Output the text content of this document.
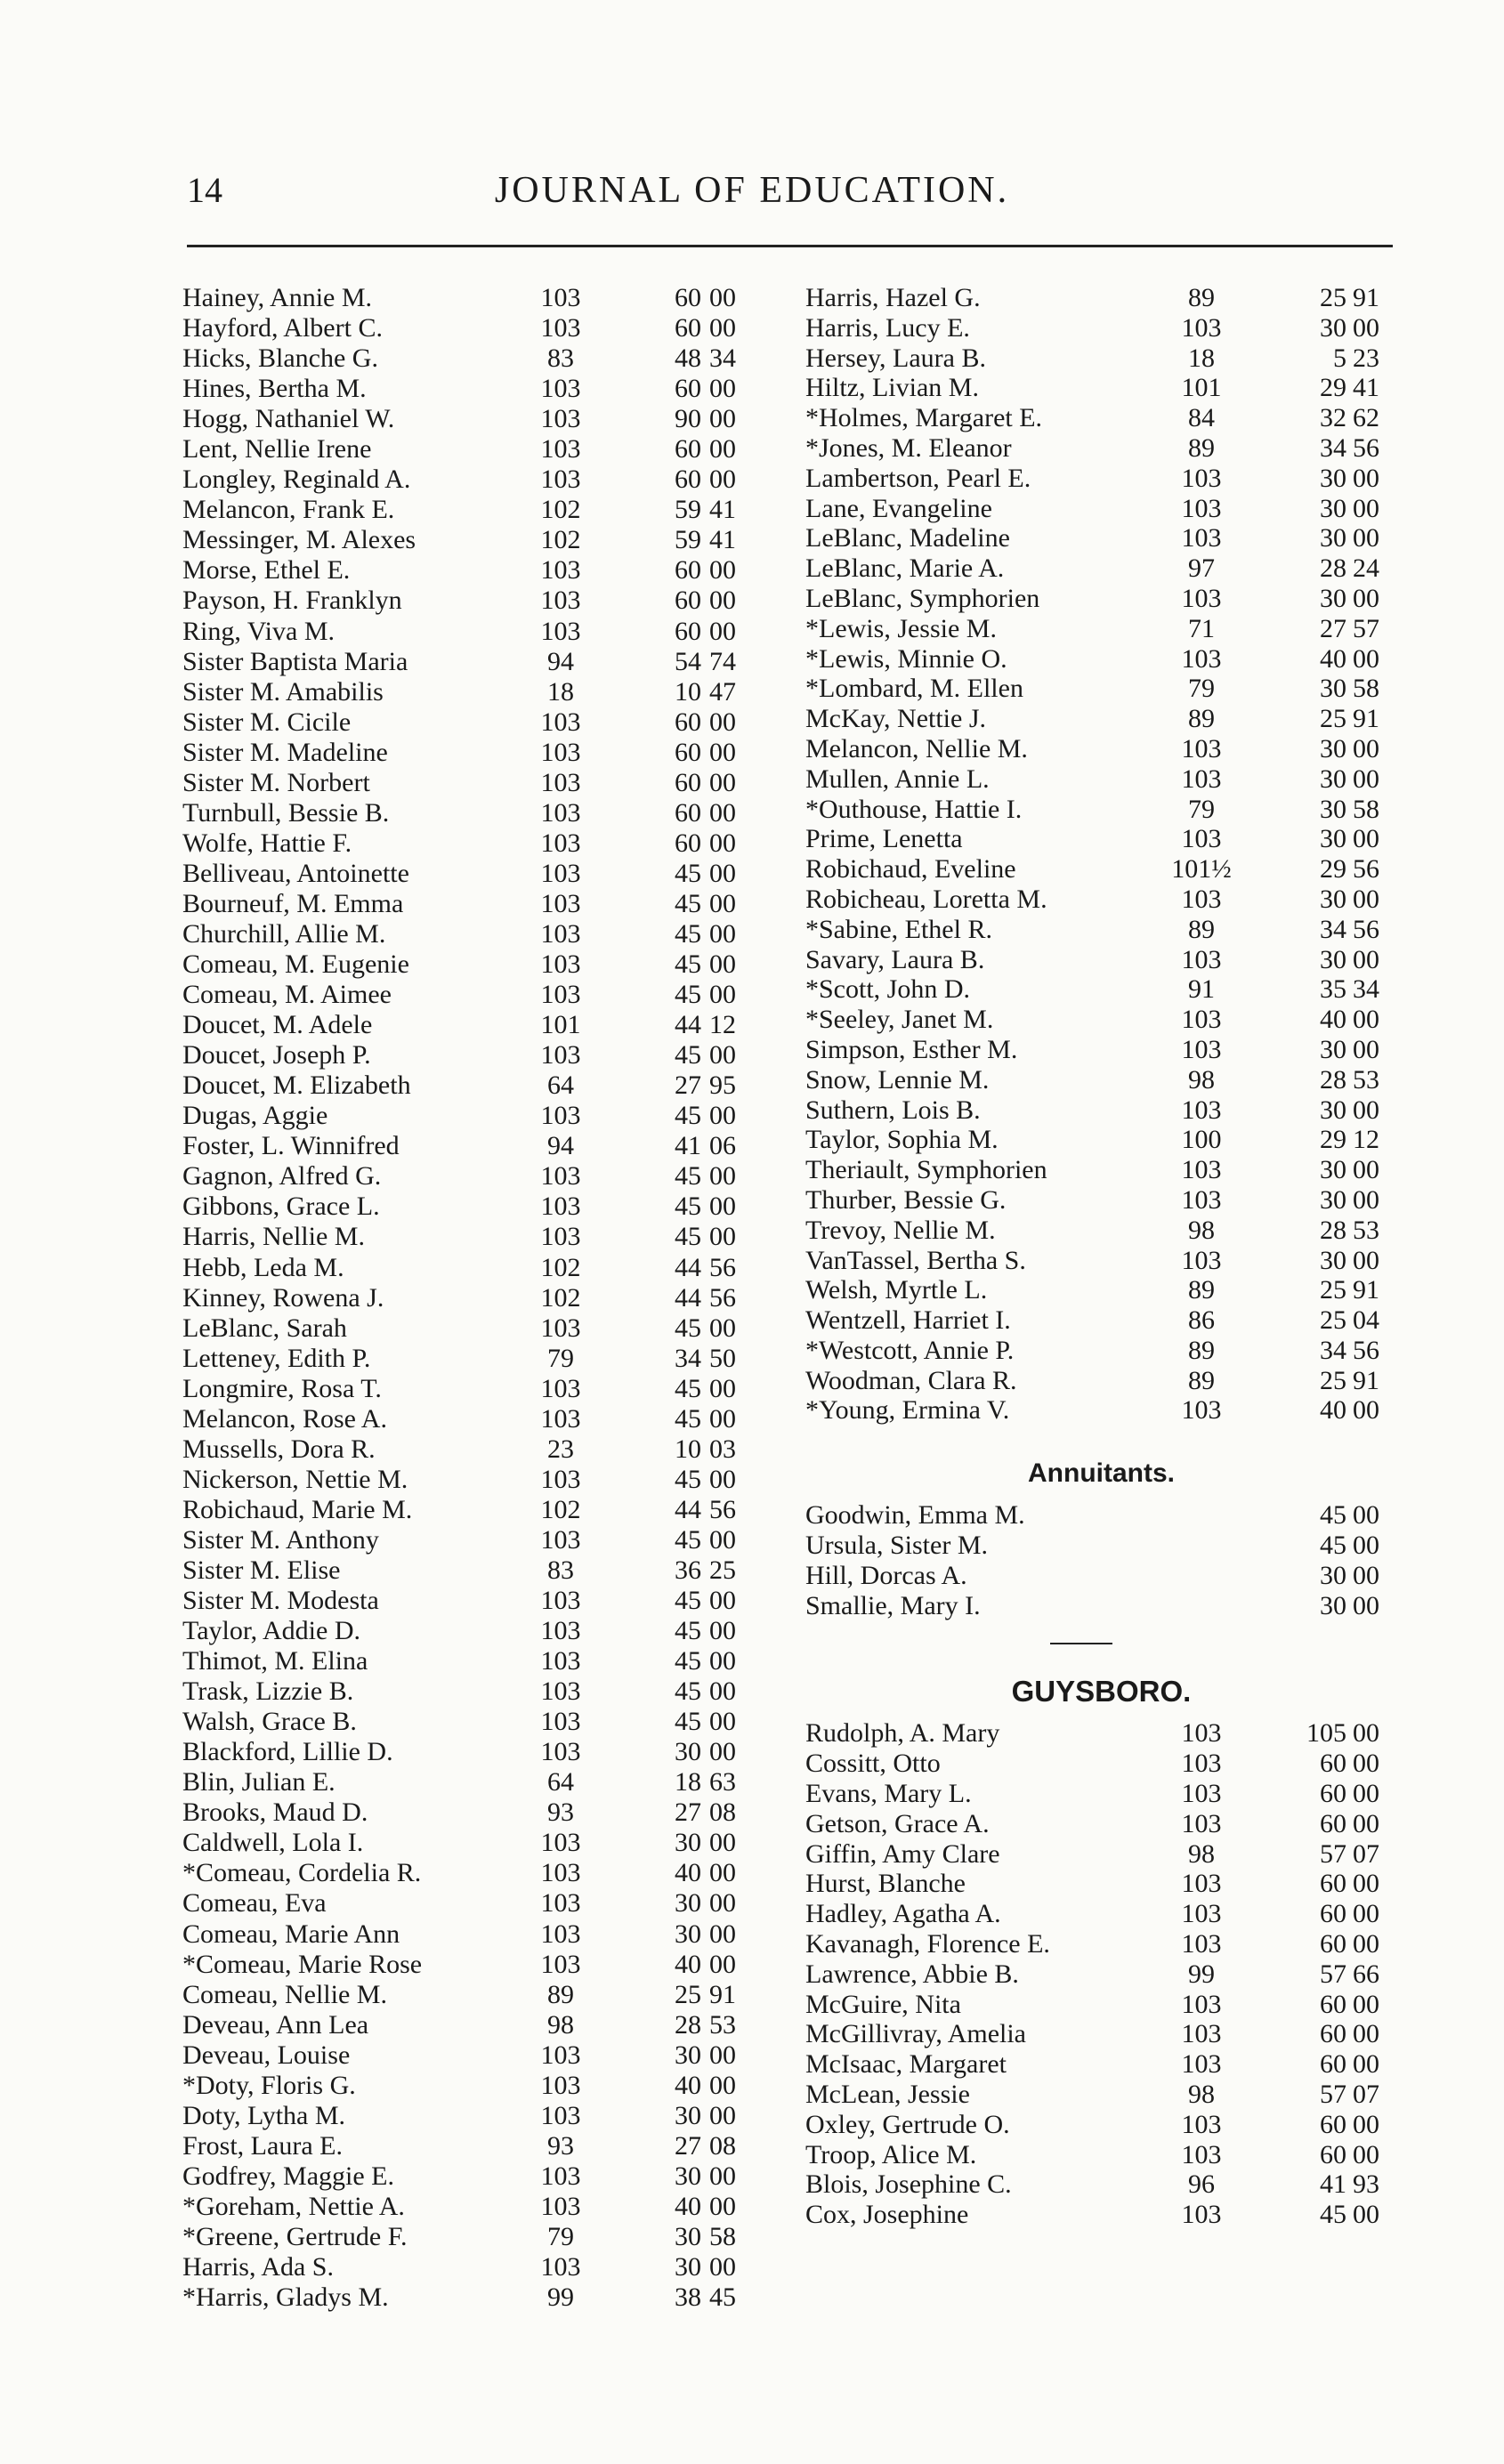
14	JOURNAL OF EDUCATION.
Hainey, Annie M.	103	60 00
Hayford, Albert C.	103	60 00
Hicks, Blanche G.	83	48 34
Hines, Bertha M.	103	60 00
Hogg, Nathaniel W.	103	90 00
Lent, Nellie Irene	103	60 00
Longley, Reginald A.	103	60 00
Melancon, Frank E.	102	59 41
Messinger, M. Alexes	102	59 41
Morse, Ethel E.	103	60 00
Payson, H. Franklyn	103	60 00
Ring, Viva M.	103	60 00
Sister Baptista Maria	94	54 74
Sister M. Amabilis	18	10 47
Sister M. Cicile	103	60 00
Sister M. Madeline	103	60 00
Sister M. Norbert	103	60 00
Turnbull, Bessie B.	103	60 00
Wolfe, Hattie F.	103	60 00
Belliveau, Antoinette	103	45 00
Bourneuf, M. Emma	103	45 00
Churchill, Allie M.	103	45 00
Comeau, M. Eugenie	103	45 00
Comeau, M. Aimee	103	45 00
Doucet, M. Adele	101	44 12
Doucet, Joseph P.	103	45 00
Doucet, M. Elizabeth	64	27 95
Dugas, Aggie	103	45 00
Foster, L. Winnifred	94	41 06
Gagnon, Alfred G.	103	45 00
Gibbons, Grace L.	103	45 00
Harris, Nellie M.	103	45 00
Hebb, Leda M.	102	44 56
Kinney, Rowena J.	102	44 56
LeBlanc, Sarah	103	45 00
Letteney, Edith P.	79	34 50
Longmire, Rosa T.	103	45 00
Melancon, Rose A.	103	45 00
Mussells, Dora R.	23	10 03
Nickerson, Nettie M.	103	45 00
Robichaud, Marie M.	102	44 56
Sister M. Anthony	103	45 00
Sister M. Elise	83	36 25
Sister M. Modesta	103	45 00
Taylor, Addie D.	103	45 00
Thimot, M. Elina	103	45 00
Trask, Lizzie B.	103	45 00
Walsh, Grace B.	103	45 00
Blackford, Lillie D.	103	30 00
Blin, Julian E.	64	18 63
Brooks, Maud D.	93	27 08
Caldwell, Lola I.	103	30 00
*Comeau, Cordelia R.	103	40 00
Comeau, Eva	103	30 00
Comeau, Marie Ann	103	30 00
*Comeau, Marie Rose	103	40 00
Comeau, Nellie M.	89	25 91
Deveau, Ann Lea	98	28 53
Deveau, Louise	103	30 00
*Doty, Floris G.	103	40 00
Doty, Lytha M.	103	30 00
Frost, Laura E.	93	27 08
Godfrey, Maggie E.	103	30 00
*Goreham, Nettie A.	103	40 00
*Greene, Gertrude F.	79	30 58
Harris, Ada S.	103	30 00
*Harris, Gladys M.	99	38 45
Harris, Hazel G.	89	25 91
Harris, Lucy E.	103	30 00
Hersey, Laura B.	18	5 23
Hiltz, Livian M.	101	29 41
*Holmes, Margaret E.	84	32 62
*Jones, M. Eleanor	89	34 56
Lambertson, Pearl E.	103	30 00
Lane, Evangeline	103	30 00
LeBlanc, Madeline	103	30 00
LeBlanc, Marie A.	97	28 24
LeBlanc, Symphorien	103	30 00
*Lewis, Jessie M.	71	27 57
*Lewis, Minnie O.	103	40 00
*Lombard, M. Ellen	79	30 58
McKay, Nettie J.	89	25 91
Melancon, Nellie M.	103	30 00
Mullen, Annie L.	103	30 00
*Outhouse, Hattie I.	79	30 58
Prime, Lenetta	103	30 00
Robichaud, Eveline	101½	29 56
Robicheau, Loretta M.	103	30 00
*Sabine, Ethel R.	89	34 56
Savary, Laura B.	103	30 00
*Scott, John D.	91	35 34
*Seeley, Janet M.	103	40 00
Simpson, Esther M.	103	30 00
Snow, Lennie M.	98	28 53
Suthern, Lois B.	103	30 00
Taylor, Sophia M.	100	29 12
Theriault, Symphorien	103	30 00
Thurber, Bessie G.	103	30 00
Trevoy, Nellie M.	98	28 53
VanTassel, Bertha S.	103	30 00
Welsh, Myrtle L.	89	25 91
Wentzell, Harriet I.	86	25 04
*Westcott, Annie P.	89	34 56
Woodman, Clara R.	89	25 91
*Young, Ermina V.	103	40 00
Annuitants.
Goodwin, Emma M.	45 00
Ursula, Sister M.	45 00
Hill, Dorcas A.	30 00
Smallie, Mary I.	30 00
GUYSBORO.
Rudolph, A. Mary	103	105 00
Cossitt, Otto	103	60 00
Evans, Mary L.	103	60 00
Getson, Grace A.	103	60 00
Giffin, Amy Clare	98	57 07
Hurst, Blanche	103	60 00
Hadley, Agatha A.	103	60 00
Kavanagh, Florence E.	103	60 00
Lawrence, Abbie B.	99	57 66
McGuire, Nita	103	60 00
McGillivray, Amelia	103	60 00
McIsaac, Margaret	103	60 00
McLean, Jessie	98	57 07
Oxley, Gertrude O.	103	60 00
Troop, Alice M.	103	60 00
Blois, Josephine C.	96	41 93
Cox, Josephine	103	45 00
